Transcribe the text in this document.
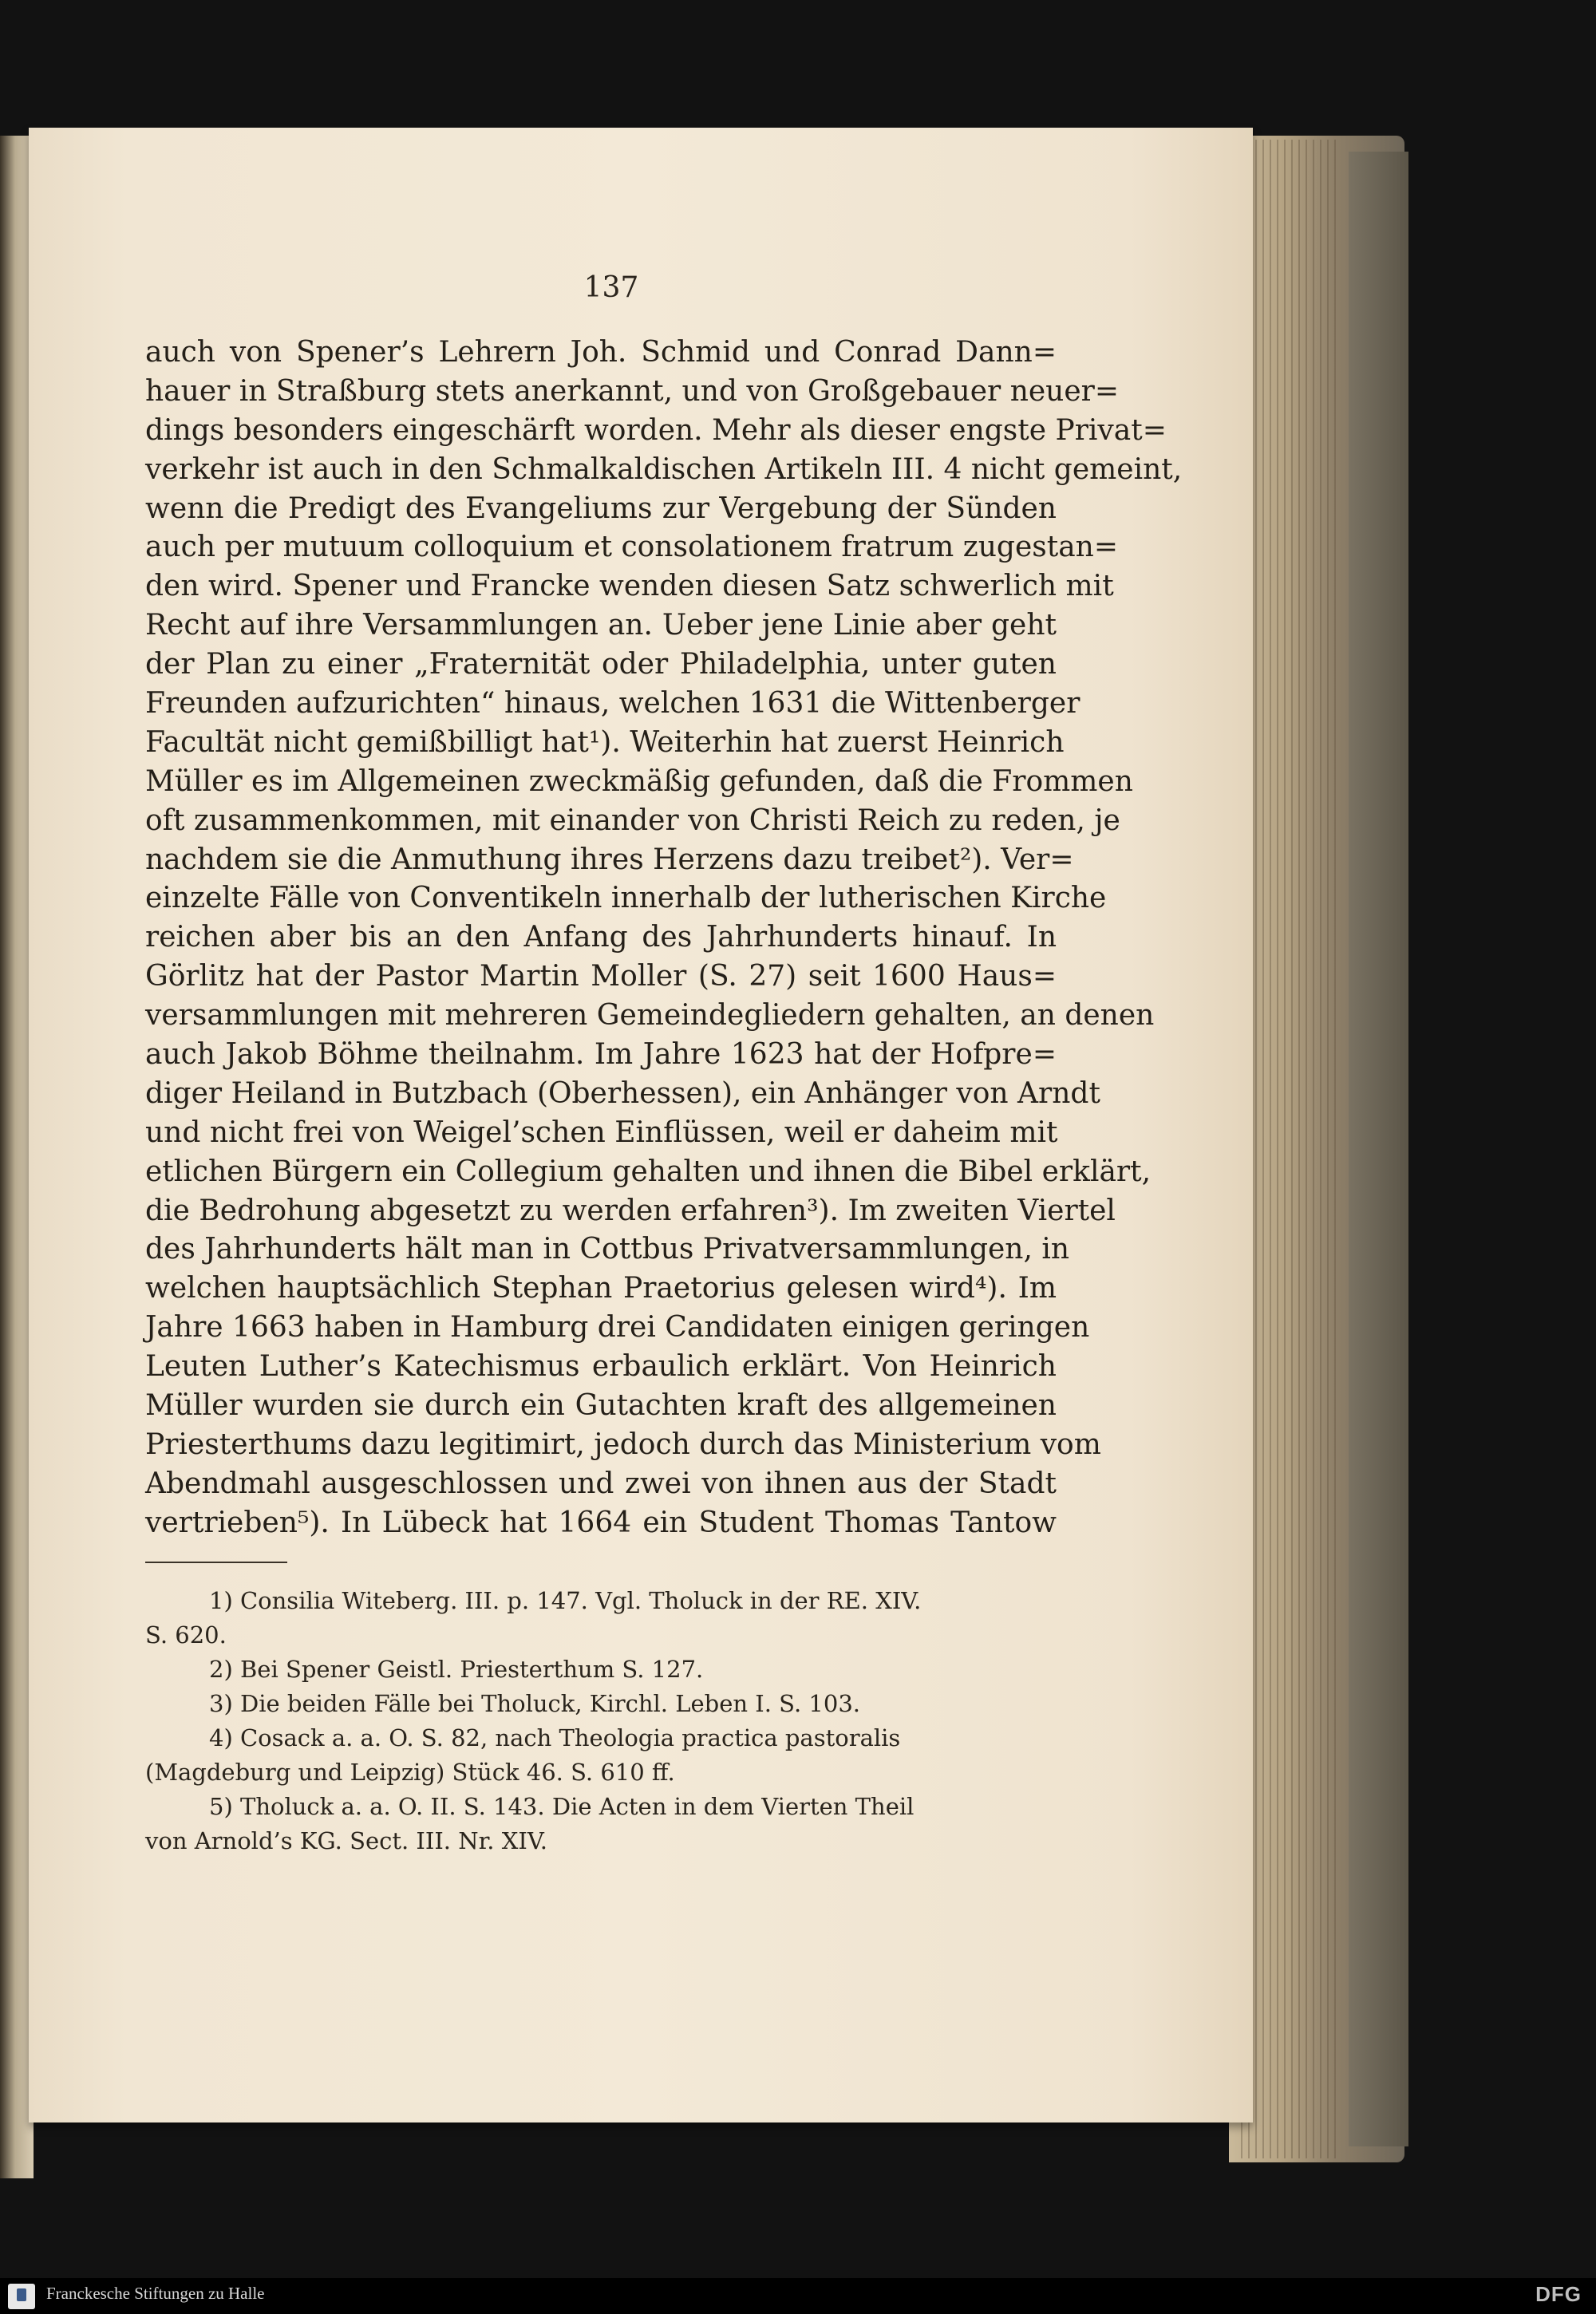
137
auch von Spener’s Lehrern Joh. Schmid und Conrad Dann=
hauer in Straßburg stets anerkannt, und von Großgebauer neuer=
dings besonders eingeschärft worden. Mehr als dieser engste Privat=
verkehr ist auch in den Schmalkaldischen Artikeln III. 4 nicht gemeint,
wenn die Predigt des Evangeliums zur Vergebung der Sünden
auch per mutuum colloquium et consolationem fratrum zugestan=
den wird. Spener und Francke wenden diesen Satz schwerlich mit
Recht auf ihre Versammlungen an. Ueber jene Linie aber geht
der Plan zu einer „Fraternität oder Philadelphia, unter guten
Freunden aufzurichten“ hinaus, welchen 1631 die Wittenberger
Facultät nicht gemißbilligt hat¹). Weiterhin hat zuerst Heinrich
Müller es im Allgemeinen zweckmäßig gefunden, daß die Frommen
oft zusammenkommen, mit einander von Christi Reich zu reden, je
nachdem sie die Anmuthung ihres Herzens dazu treibet²). Ver=
einzelte Fälle von Conventikeln innerhalb der lutherischen Kirche
reichen aber bis an den Anfang des Jahrhunderts hinauf. In
Görlitz hat der Pastor Martin Moller (S. 27) seit 1600 Haus=
versammlungen mit mehreren Gemeindegliedern gehalten, an denen
auch Jakob Böhme theilnahm. Im Jahre 1623 hat der Hofpre=
diger Heiland in Butzbach (Oberhessen), ein Anhänger von Arndt
und nicht frei von Weigel’schen Einflüssen, weil er daheim mit
etlichen Bürgern ein Collegium gehalten und ihnen die Bibel erklärt,
die Bedrohung abgesetzt zu werden erfahren³). Im zweiten Viertel
des Jahrhunderts hält man in Cottbus Privatversammlungen, in
welchen hauptsächlich Stephan Praetorius gelesen wird⁴). Im
Jahre 1663 haben in Hamburg drei Candidaten einigen geringen
Leuten Luther’s Katechismus erbaulich erklärt. Von Heinrich
Müller wurden sie durch ein Gutachten kraft des allgemeinen
Priesterthums dazu legitimirt, jedoch durch das Ministerium vom
Abendmahl ausgeschlossen und zwei von ihnen aus der Stadt
vertrieben⁵). In Lübeck hat 1664 ein Student Thomas Tantow
1) Consilia Witeberg. III. p. 147. Vgl. Tholuck in der RE. XIV.
S. 620.
2) Bei Spener Geistl. Priesterthum S. 127.
3) Die beiden Fälle bei Tholuck, Kirchl. Leben I. S. 103.
4) Cosack a. a. O. S. 82, nach Theologia practica pastoralis
(Magdeburg und Leipzig) Stück 46. S. 610 ff.
5) Tholuck a. a. O. II. S. 143. Die Acten in dem Vierten Theil
von Arnold’s KG. Sect. III. Nr. XIV.
Franckesche Stiftungen zu Halle	DFG
